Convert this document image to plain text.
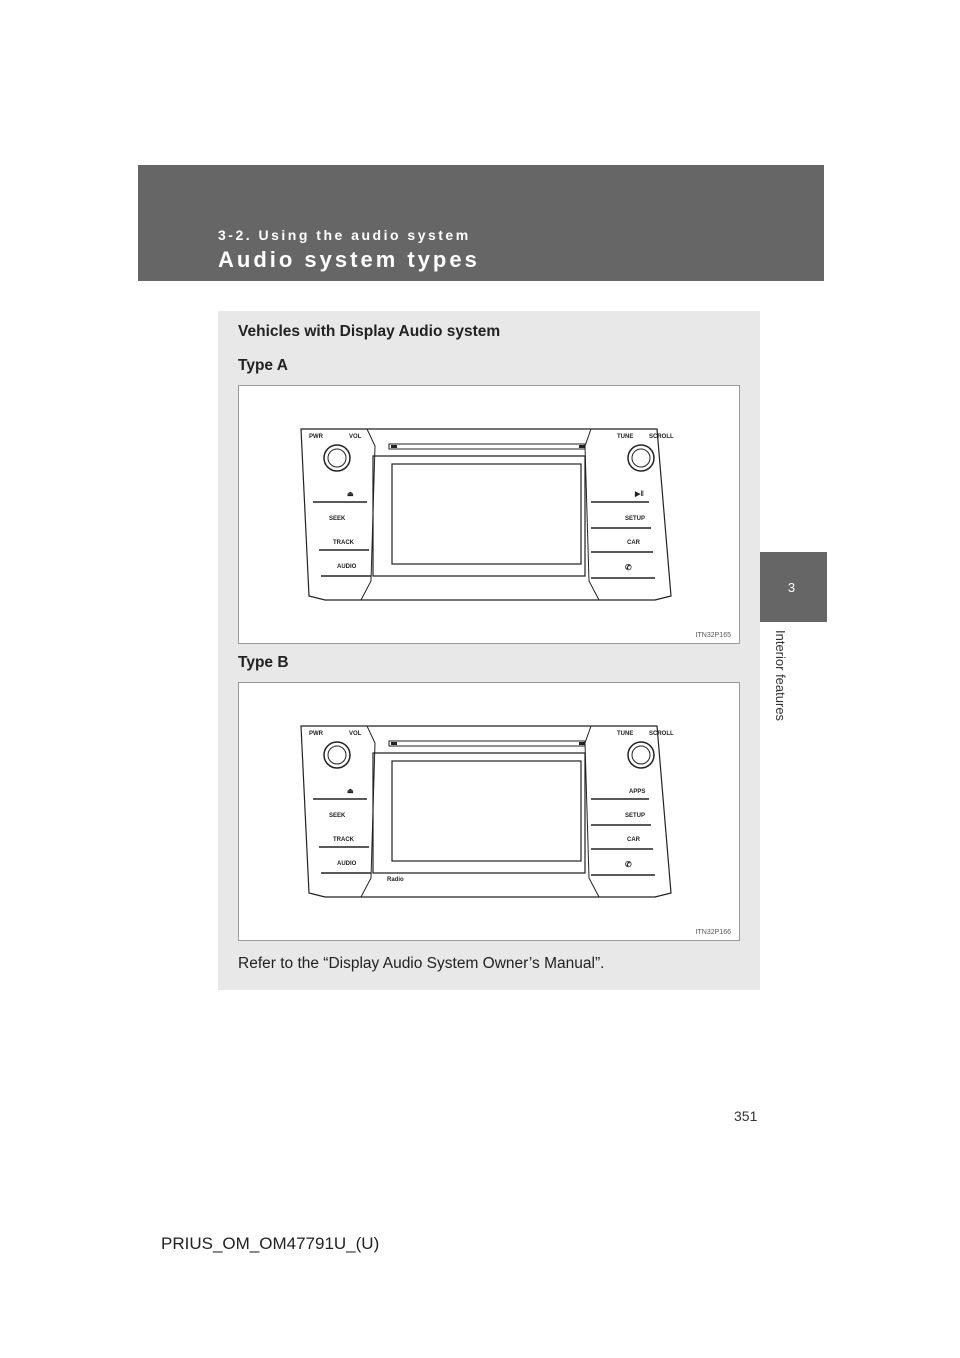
3-2. Using the audio system
Audio system types
3
Interior features
Vehicles with Display Audio system
Type A
PWR	VOL	TUNE	SCROLL
⏏
SEEK
TRACK
AUDIO
▶‖
SETUP
CAR
✆
ITN32P165
Type B
PWR	VOL	TUNE	SCROLL
⏏
SEEK
TRACK
AUDIO
Radio
APPS
SETUP
CAR
✆
ITN32P166
Refer to the “Display Audio System Owner’s Manual”.
351
PRIUS_OM_OM47791U_(U)
